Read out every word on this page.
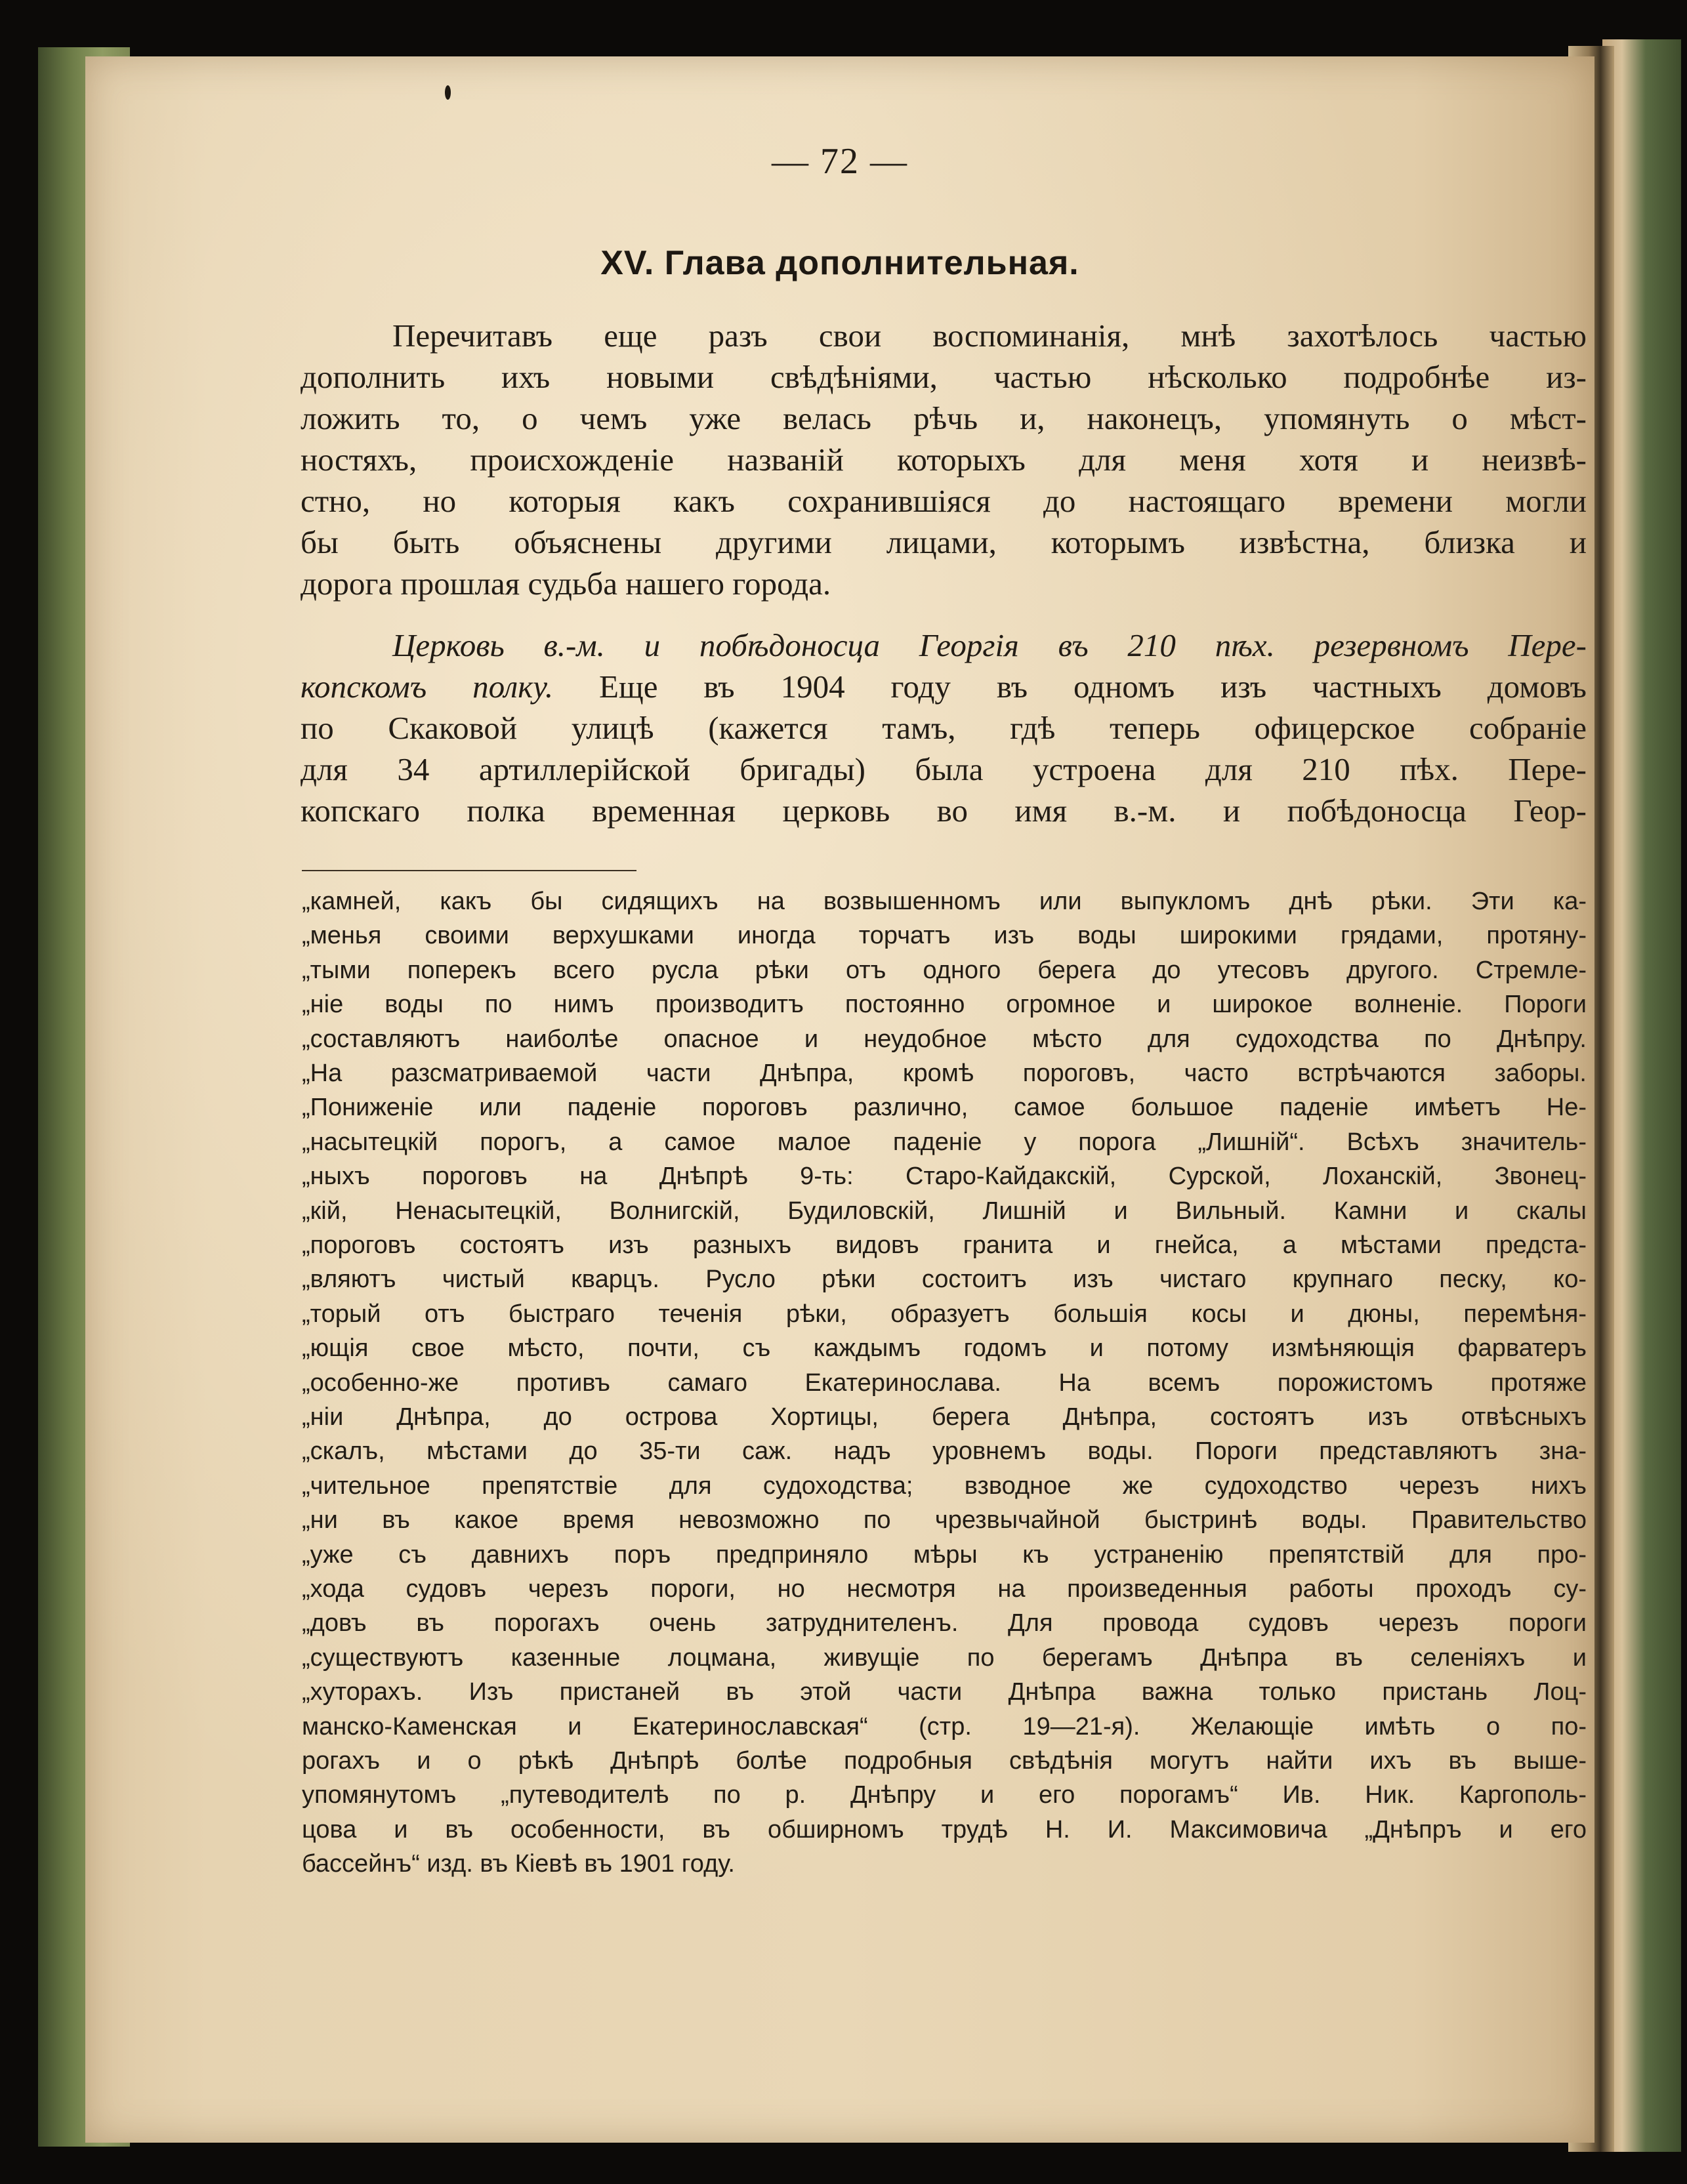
— 72 —
XV. Глава дополнительная.
Перечитавъ еще разъ свои воспоминанія, мнѣ захотѣлось частью
дополнить ихъ новыми свѣдѣніями, частью нѣсколько подробнѣе из-
ложить то, о чемъ уже велась рѣчь и, наконецъ, упомянуть о мѣст-
ностяхъ, происхожденіе названій которыхъ для меня хотя и неизвѣ-
стно, но которыя какъ сохранившіяся до настоящаго времени могли
бы быть объяснены другими лицами, которымъ извѣстна, близка и
дорога прошлая судьба нашего города.
Церковь в.-м. и побѣдоносца Георгія въ 210 пѣх. резервномъ Пере-
копскомъ полку. Еще въ 1904 году въ одномъ изъ частныхъ домовъ
по Скаковой улицѣ (кажется тамъ, гдѣ теперь офицерское собраніе
для 34 артиллерійской бригады) была устроена для 210 пѣх. Пере-
копскаго полка временная церковь во имя в.-м. и побѣдоносца Геор-
„камней, какъ бы сидящихъ на возвышенномъ или выпукломъ днѣ рѣки. Эти ка-
„менья своими верхушками иногда торчатъ изъ воды широкими грядами, протяну-
„тыми поперекъ всего русла рѣки отъ одного берега до утесовъ другого. Стремле-
„ніе воды по нимъ производитъ постоянно огромное и широкое волненіе. Пороги
„составляютъ наиболѣе опасное и неудобное мѣсто для судоходства по Днѣпру.
„На разсматриваемой части Днѣпра, кромѣ пороговъ, часто встрѣчаются заборы.
„Пониженіе или паденіе пороговъ различно, самое большое паденіе имѣетъ Не-
„насытецкій порогъ, а самое малое паденіе у порога „Лишній“. Всѣхъ значитель-
„ныхъ пороговъ на Днѣпрѣ 9-ть: Старо-Кайдакскій, Сурской, Лоханскій, Звонец-
„кій, Ненасытецкій, Волнигскій, Будиловскій, Лишній и Вильный. Камни и скалы
„пороговъ состоятъ изъ разныхъ видовъ гранита и гнейса, а мѣстами предста-
„вляютъ чистый кварцъ. Русло рѣки состоитъ изъ чистаго крупнаго песку, ко-
„торый отъ быстраго теченія рѣки, образуетъ большія косы и дюны, перемѣня-
„ющія свое мѣсто, почти, съ каждымъ годомъ и потому измѣняющія фарватеръ
„особенно-же противъ самаго Екатеринослава. На всемъ порожистомъ протяже
„ніи Днѣпра, до острова Хортицы, берега Днѣпра, состоятъ изъ отвѣсныхъ
„скалъ, мѣстами до 35-ти саж. надъ уровнемъ воды. Пороги представляютъ зна-
„чительное препятствіе для судоходства; взводное же судоходство черезъ нихъ
„ни въ какое время невозможно по чрезвычайной быстринѣ воды. Правительство
„уже съ давнихъ поръ предприняло мѣры къ устраненію препятствій для про-
„хода судовъ черезъ пороги, но несмотря на произведенныя работы проходъ су-
„довъ въ порогахъ очень затруднителенъ. Для провода судовъ черезъ пороги
„существуютъ казенные лоцмана, живущіе по берегамъ Днѣпра въ селеніяхъ и
„хуторахъ. Изъ пристаней въ этой части Днѣпра важна только пристань Лоц-
манско-Каменская и Екатеринославская“ (стр. 19—21-я). Желающіе имѣть о по-
рогахъ и о рѣкѣ Днѣпрѣ болѣе подробныя свѣдѣнія могутъ найти ихъ въ выше-
упомянутомъ „путеводителѣ по р. Днѣпру и его порогамъ“ Ив. Ник. Каргополь-
цова и въ особенности, въ обширномъ трудѣ Н. И. Максимовича „Днѣпръ и его
бассейнъ“ изд. въ Кіевѣ въ 1901 году.
